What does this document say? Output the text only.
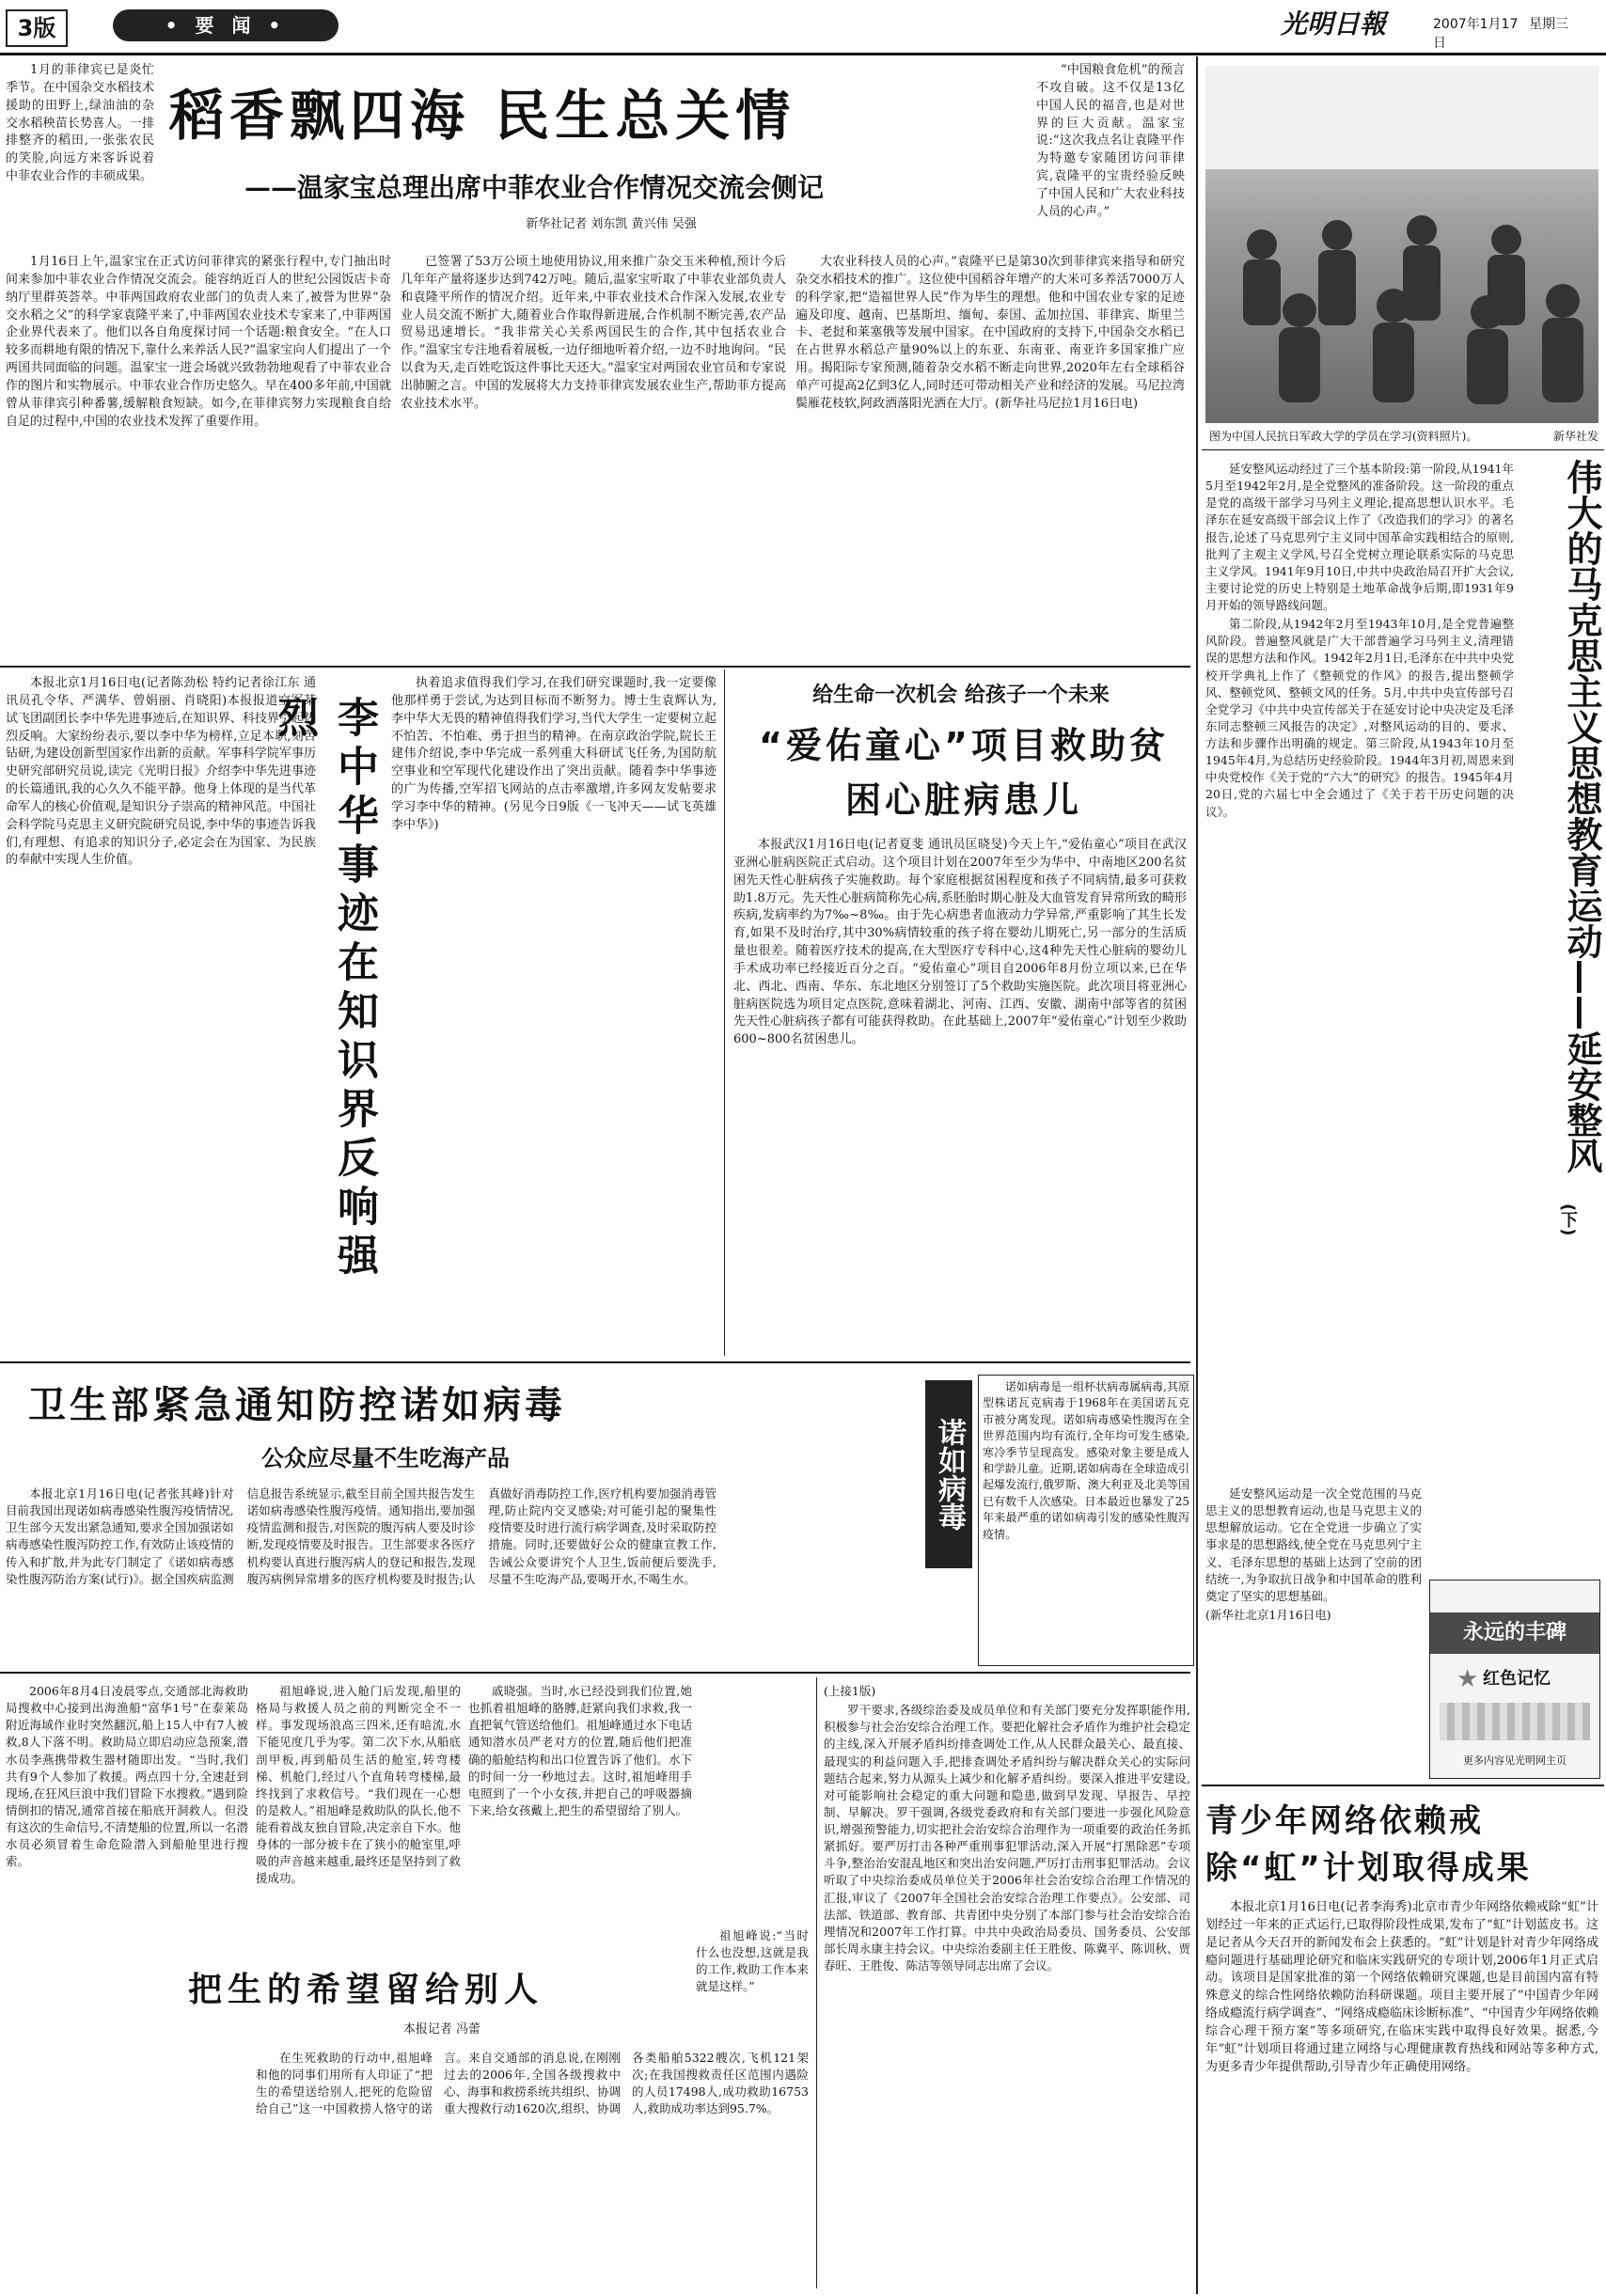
3版	• 要 闻 •	光明日報	2007年1月17日
星期三
稻香飘四海 民生总关情
——温家宝总理出席中菲农业合作情况交流会侧记
新华社记者 刘东凯 黄兴伟 吴强

1月的菲律宾已是炎忙季节。在中国杂交水稻技术援助的田野上,绿油油的杂交水稻秧苗长势喜人。一排排整齐的稻田,一张张农民的笑脸,向远方来客诉说着中菲农业合作的丰硕成果。

1月16日上午,温家宝在正式访问菲律宾的紧张行程中,专门抽出时间来参加中菲农业合作情况交流会。能容纳近百人的世纪公园饭店卡奇纳厅里群英荟萃。中菲两国政府农业部门的负责人来了,被誉为世界“杂交水稻之父”的科学家袁隆平来了,中菲两国农业技术专家来了,中菲两国企业界代表来了。他们以各自角度探讨同一个话题:粮食安全。“在人口较多而耕地有限的情况下,靠什么来养活人民?”温家宝向人们提出了一个两国共同面临的问题。温家宝一进会场就兴致勃勃地观看了中菲农业合作的图片和实物展示。中菲农业合作历史悠久。早在400多年前,中国就曾从菲律宾引种番薯,缓解粮食短缺。如今,在菲律宾努力实现粮食自给自足的过程中,中国的农业技术发挥了重要作用。

已签署了53万公顷土地使用协议,用来推广杂交玉米种植,预计今后几年年产量将逐步达到742万吨。随后,温家宝听取了中菲农业部负责人和袁隆平所作的情况介绍。近年来,中菲农业技术合作深入发展,农业专业人员交流不断扩大,随着业合作取得新进展,合作机制不断完善,农产品贸易迅速增长。“我非常关心关系两国民生的合作,其中包括农业合作。”温家宝专注地看着展板,一边仔细地听着介绍,一边不时地询问。“民以食为天,走百姓吃饭这件事比天还大。”温家宝对两国农业官员和专家说出肺腑之言。中国的发展将大力支持菲律宾发展农业生产,帮助菲方提高农业技术水平。

大农业科技人员的心声。”袁隆平已是第30次到菲律宾来指导和研究杂交水稻技术的推广。这位使中国稻谷年增产的大米可多养活7000万人的科学家,把“造福世界人民”作为毕生的理想。他和中国农业专家的足迹遍及印度、越南、巴基斯坦、缅甸、泰国、孟加拉国、菲律宾、斯里兰卡、老挝和莱塞俄等发展中国家。在中国政府的支持下,中国杂交水稻已在占世界水稻总产量90%以上的东亚、东南亚、南亚许多国家推广应用。揭阳际专家预测,随着杂交水稻不断走向世界,2020年左右全球稻谷单产可提高2亿到3亿人,同时还可带动相关产业和经济的发展。马尼拉湾鬓雁花枝软,阿政洒落阳光洒在大厅。(新华社马尼拉1月16日电)

“中国粮食危机”的预言不攻自破。这不仅是13亿中国人民的福音,也是对世界的巨大贡献。温家宝说:“这次我点名让袁隆平作为特邀专家随团访问菲律宾,袁隆平的宝贵经验反映了中国人民和广大农业科技人员的心声。”

图为中国人民抗日军政大学的学员在学习(资料照片)。	新华社发
伟大的马克思主义思想教育运动——延安整风
(下)

延安整风运动经过了三个基本阶段:第一阶段,从1941年5月至1942年2月,是全党整风的准备阶段。这一阶段的重点是党的高级干部学习马列主义理论,提高思想认识水平。毛泽东在延安高级干部会议上作了《改造我们的学习》的著名报告,论述了马克思列宁主义同中国革命实践相结合的原则,批判了主观主义学风,号召全党树立理论联系实际的马克思主义学风。1941年9月10日,中共中央政治局召开扩大会议,主要讨论党的历史上特别是土地革命战争后期,即1931年9月开始的领导路线问题。

第二阶段,从1942年2月至1943年10月,是全党普遍整风阶段。普遍整风就是广大干部普遍学习马列主义,清理错误的思想方法和作风。1942年2月1日,毛泽东在中共中央党校开学典礼上作了《整顿党的作风》的报告,提出整顿学风、整顿党风、整顿文风的任务。5月,中共中央宣传部号召全党学习《中共中央宣传部关于在延安讨论中央决定及毛泽东同志整顿三风报告的决定》,对整风运动的目的、要求、方法和步骤作出明确的规定。第三阶段,从1943年10月至1945年4月,为总结历史经验阶段。1944年3月初,周恩来到中央党校作《关于党的“六大”的研究》的报告。1945年4月20日,党的六届七中全会通过了《关于若干历史问题的决议》。

延安整风运动是一次全党范围的马克思主义的思想教育运动,也是马克思主义的思想解放运动。它在全党进一步确立了实事求是的思想路线,使全党在马克思列宁主义、毛泽东思想的基础上达到了空前的团结统一,为争取抗日战争和中国革命的胜利奠定了坚实的思想基础。

(新华社北京1月16日电)

永远的丰碑
★ 红色记忆
更多内容见光明网主页
青少年网络依赖戒除“虹”计划取得成果

本报北京1月16日电(记者李海秀)北京市青少年网络依赖戒除“虹”计划经过一年来的正式运行,已取得阶段性成果,发布了“虹”计划蓝皮书。这是记者从今天召开的新闻发布会上获悉的。“虹”计划是针对青少年网络成瘾问题进行基础理论研究和临床实践研究的专项计划,2006年1月正式启动。该项目是国家批准的第一个网络依赖研究课题,也是目前国内富有特殊意义的综合性网络依赖防治科研课题。项目主要开展了“中国青少年网络成瘾流行病学调查”、“网络成瘾临床诊断标准”、“中国青少年网络依赖综合心理干预方案”等多项研究,在临床实践中取得良好效果。据悉,今年“虹”计划项目将通过建立网络与心理健康教育热线和网站等多种方式,为更多青少年提供帮助,引导青少年正确使用网络。

本报北京1月16日电(记者陈劲松 特约记者徐江东 通讯员孔令华、严满华、曾娟丽、肖晓阳)本报报道空军某试飞团副团长李中华先进事迹后,在知识界、科技界引起热烈反响。大家纷纷表示,要以李中华为榜样,立足本职,刻苦钻研,为建设创新型国家作出新的贡献。军事科学院军事历史研究部研究员说,读完《光明日报》介绍李中华先进事迹的长篇通讯,我的心久久不能平静。他身上体现的是当代革命军人的核心价值观,是知识分子崇高的精神风范。中国社会科学院马克思主义研究院研究员说,李中华的事迹告诉我们,有理想、有追求的知识分子,必定会在为国家、为民族的奉献中实现人生价值。	李中华事迹在知识界反响强烈

执着追求值得我们学习,在我们研究课题时,我一定要像他那样勇于尝试,为达到目标而不断努力。博士生袁辉认为,李中华大无畏的精神值得我们学习,当代大学生一定要树立起不怕苦、不怕难、勇于担当的精神。在南京政治学院,院长王建伟介绍说,李中华完成一系列重大科研试飞任务,为国防航空事业和空军现代化建设作出了突出贡献。随着李中华事迹的广为传播,空军招飞网站的点击率激增,许多网友发帖要求学习李中华的精神。(另见今日9版《一飞冲天——试飞英雄李中华》)

给生命一次机会 给孩子一个未来
“爱佑童心”项目救助贫困心脏病患儿

本报武汉1月16日电(记者夏斐 通讯员匡晓旻)今天上午,“爱佑童心”项目在武汉亚洲心脏病医院正式启动。这个项目计划在2007年至少为华中、中南地区200名贫困先天性心脏病孩子实施救助。每个家庭根据贫困程度和孩子不同病情,最多可获救助1.8万元。先天性心脏病简称先心病,系胚胎时期心脏及大血管发育异常所致的畸形疾病,发病率约为7‰~8‰。由于先心病患者血液动力学异常,严重影响了其生长发育,如果不及时治疗,其中30%病情较重的孩子将在婴幼儿期死亡,另一部分的生活质量也很差。随着医疗技术的提高,在大型医疗专科中心,这4种先天性心脏病的婴幼儿手术成功率已经接近百分之百。“爱佑童心”项目自2006年8月份立项以来,已在华北、西北、西南、华东、东北地区分别签订了5个救助实施医院。此次项目将亚洲心脏病医院选为项目定点医院,意味着湖北、河南、江西、安徽、湖南中部等省的贫困先天性心脏病孩子都有可能获得救助。在此基础上,2007年“爱佑童心”计划至少救助600~800名贫困患儿。

卫生部紧急通知防控诺如病毒
公众应尽量不生吃海产品

本报北京1月16日电(记者张其峰)针对目前我国出现诺如病毒感染性腹泻疫情情况,卫生部今天发出紧急通知,要求全国加强诺如病毒感染性腹泻防控工作,有效防止该疫情的传入和扩散,并为此专门制定了《诺如病毒感染性腹泻防治方案(试行)》。据全国疾病监测信息报告系统显示,截至目前全国共报告发生诺如病毒感染性腹泻疫情。通知指出,要加强疫情监测和报告,对医院的腹泻病人要及时诊断,发现疫情要及时报告。卫生部要求各医疗机构要认真进行腹泻病人的登记和报告,发现腹泻病例异常增多的医疗机构要及时报告;认真做好消毒防控工作,医疗机构要加强消毒管理,防止院内交叉感染;对可能引起的聚集性疫情要及时进行流行病学调查,及时采取防控措施。同时,还要做好公众的健康宣教工作,告诫公众要讲究个人卫生,饭前便后要洗手,尽量不生吃海产品,要喝开水,不喝生水。

诺如病毒

诺如病毒是一组杯状病毒属病毒,其原型株诺瓦克病毒于1968年在美国诺瓦克市被分离发现。诺如病毒感染性腹泻在全世界范围内均有流行,全年均可发生感染,寒冷季节呈现高发。感染对象主要是成人和学龄儿童。近期,诺如病毒在全球造成引起爆发流行,俄罗斯、澳大利亚及北美等国已有数千人次感染。日本最近也暴发了25年来最严重的诺如病毒引发的感染性腹泻疫情。

2006年8月4日凌晨零点,交通部北海救助局搜救中心接到出海渔船“富华1号”在泰莱岛附近海域作业时突然翻沉,船上15人中有7人被救,8人下落不明。救助局立即启动应急预案,潜水员李燕携带救生器材随即出发。“当时,我们共有9个人参加了救援。两点四十分,全速赶到现场,在狂风巨浪中我们冒险下水搜救。”遇到险情倒扣的情况,通常首接在船底开洞救人。但没有这次的生命信号,不清楚船的位置,所以一名潜水员必须冒着生命危险潜入到船舱里进行搜索。

祖旭峰说,进入舱门后发现,船里的格局与救援人员之前的判断完全不一样。事发现场浪高三四米,还有暗流,水下能见度几乎为零。第二次下水,从船底剖甲板,再到船员生活的舱室,转弯楼梯、机舱门,经过八个直角转弯楼梯,最终找到了求救信号。“我们现在一心想的是救人。”祖旭峰是救助队的队长,他不能看着战友独自冒险,决定亲自下水。他身体的一部分被卡在了狭小的舱室里,呼吸的声音越来越重,最终还是坚持到了救援成功。

戚晓强。当时,水已经没到我们位置,她也抓着祖旭峰的胳膊,赶紧向我们求救,我一直把氧气管送给他们。祖旭峰通过水下电话通知潜水员严老对方的位置,随后他们把准确的船舱结构和出口位置告诉了他们。水下的时间一分一秒地过去。这时,祖旭峰用手电照到了一个小女孩,并把自己的呼吸器摘下来,给女孩戴上,把生的希望留给了别人。

祖旭峰说:“当时什么也没想,这就是我的工作,救助工作本来就是这样。”

把生的希望留给别人
本报记者 冯蕾

在生死救助的行动中,祖旭峰和他的同事们用所有人印证了“把生的希望送给别人,把死的危险留给自己”这一中国救捞人恪守的诺言。来自交通部的消息说,在刚刚过去的2006年,全国各级搜救中心、海事和救捞系统共组织、协调重大搜救行动1620次,组织、协调各类船舶5322艘次,飞机121架次;在我国搜救责任区范围内遇险的人员17498人,成功救助16753人,救助成功率达到95.7%。

(上接1版)

罗干要求,各级综治委及成员单位和有关部门要充分发挥职能作用,积极参与社会治安综合治理工作。要把化解社会矛盾作为维护社会稳定的主线,深入开展矛盾纠纷排查调处工作,从人民群众最关心、最直接、最现实的利益问题入手,把排查调处矛盾纠纷与解决群众关心的实际问题结合起来,努力从源头上减少和化解矛盾纠纷。要深入推进平安建设,对可能影响社会稳定的重大问题和隐患,做到早发现、早报告、早控制、早解决。罗干强调,各级党委政府和有关部门要进一步强化风险意识,增强预警能力,切实把社会治安综合治理作为一项重要的政治任务抓紧抓好。要严厉打击各种严重刑事犯罪活动,深入开展“打黑除恶”专项斗争,整治治安混乱地区和突出治安问题,严厉打击刑事犯罪活动。会议听取了中央综治委成员单位关于2006年社会治安综合治理工作情况的汇报,审议了《2007年全国社会治安综合治理工作要点》。公安部、司法部、铁道部、教育部、共青团中央分别了本部门参与社会治安综合治理情况和2007年工作打算。中共中央政治局委员、国务委员、公安部部长周永康主持会议。中央综治委副主任王胜俊、陈冀平、陈训秋、贾春旺、王胜俊、陈洁等领导同志出席了会议。
